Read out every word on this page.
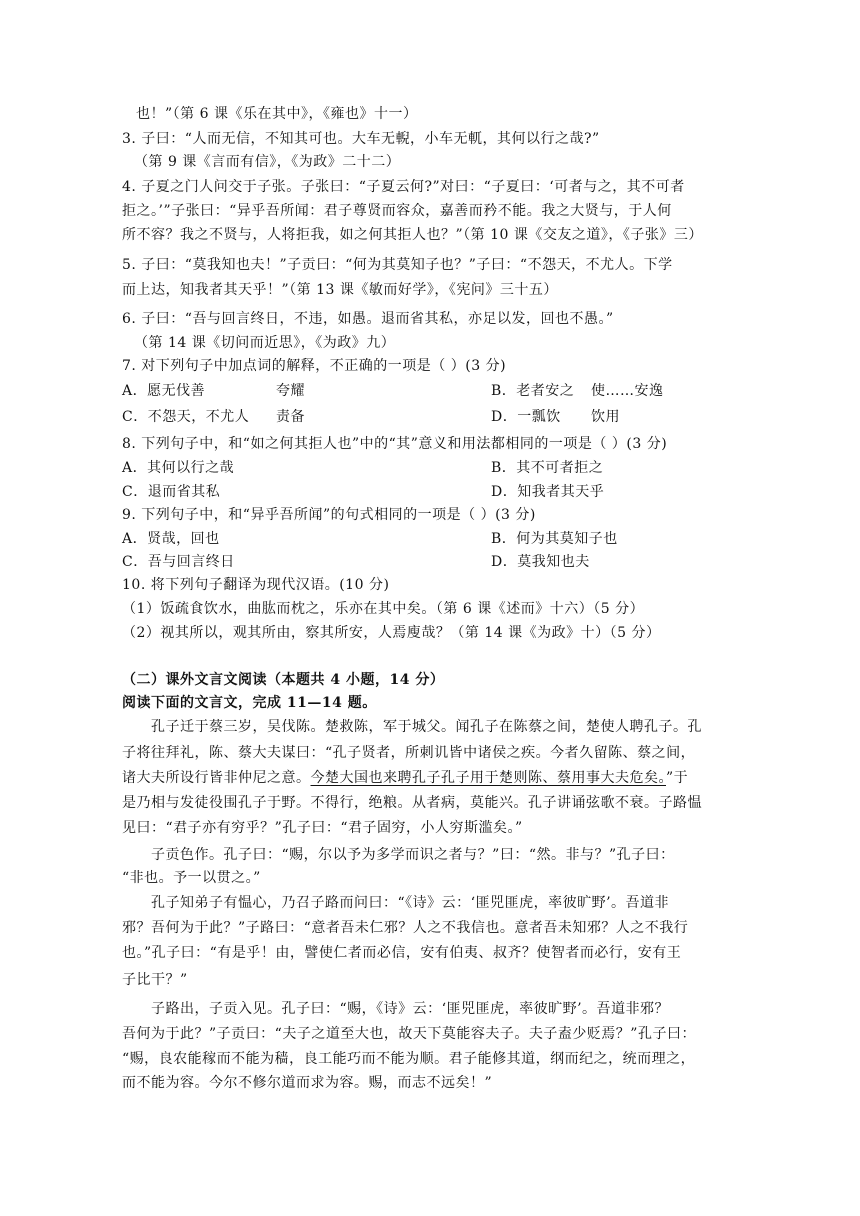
也！”（第 6 课《乐在其中》，《雍也》十一）
3. 子曰：“人而无信，不知其可也。大车无輗，小车无軏，其何以行之哉?”
（第 9 课《言而有信》，《为政》二十二）
4. 子夏之门人问交于子张。子张曰：“子夏云何?”对曰：“子夏曰：‘可者与之，其不可者
拒之。’”子张曰：“异乎吾所闻：君子尊贤而容众，嘉善而矜不能。我之大贤与，于人何
所不容？我之不贤与，人将拒我，如之何其拒人也？”（第 10 课《交友之道》，《子张》三）
5. 子曰：“莫我知也夫！”子贡曰：“何为其莫知子也？”子曰：“不怨天，不尤人。下学
而上达，知我者其天乎！”（第 13 课《敏而好学》，《宪问》三十五）
6. 子曰：“吾与回言终日，不违，如愚。退而省其私，亦足以发，回也不愚。”
（第 14 课《切问而近思》，《为政》九）
7. 对下列句子中加点词的解释，不正确的一项是（ ）(3 分)
A．愿无伐善	夸耀	B．老者安之 使……安逸
C．不怨天，不尤人 责备	D．一瓢饮 饮用
8. 下列句子中，和“如之何其拒人也”中的“其”意义和用法都相同的一项是（ ）(3 分)
A．其何以行之哉	B．其不可者拒之
C．退而省其私	D．知我者其天乎
9. 下列句子中，和“异乎吾所闻”的句式相同的一项是（ ）(3 分)
A．贤哉，回也	B．何为其莫知子也
C．吾与回言终日	D．莫我知也夫
10. 将下列句子翻译为现代汉语。(10 分)
（1）饭疏食饮水，曲肱而枕之，乐亦在其中矣。（第 6 课《述而》十六）（5 分）
（2）视其所以，观其所由，察其所安，人焉廋哉？（第 14 课《为政》十）（5 分）
（二）课外文言文阅读（本题共 4 小题，14 分）
阅读下面的文言文，完成 11—14 题。
孔子迁于蔡三岁，吴伐陈。楚救陈，军于城父。闻孔子在陈蔡之间，楚使人聘孔子。孔
子将往拜礼，陈、蔡大夫谋曰：“孔子贤者，所刺讥皆中诸侯之疾。今者久留陈、蔡之间，
诸大夫所设行皆非仲尼之意。今楚大国也来聘孔子孔子用于楚则陈、蔡用事大夫危矣。”于
是乃相与发徒役围孔子于野。不得行，绝粮。从者病，莫能兴。孔子讲诵弦歌不衰。子路愠
见曰：“君子亦有穷乎？”孔子曰：“君子固穷，小人穷斯滥矣。”
子贡色作。孔子曰：“赐，尔以予为多学而识之者与？”曰：“然。非与？”孔子曰：
“非也。予一以贯之。”
孔子知弟子有愠心，乃召子路而问曰：“《诗》云：‘匪兕匪虎，率彼旷野’。吾道非
邪？吾何为于此？”子路曰：“意者吾未仁邪？人之不我信也。意者吾未知邪？人之不我行
也。”孔子曰：“有是乎！由，譬使仁者而必信，安有伯夷、叔齐？使智者而必行，安有王
子比干？”
子路出，子贡入见。孔子曰：“赐，《诗》云：‘匪兕匪虎，率彼旷野’。吾道非邪？
吾何为于此？”子贡曰：“夫子之道至大也，故天下莫能容夫子。夫子盍少贬焉？”孔子曰：
“赐，良农能稼而不能为穑，良工能巧而不能为顺。君子能修其道，纲而纪之，统而理之，
而不能为容。今尔不修尔道而求为容。赐，而志不远矣！”
